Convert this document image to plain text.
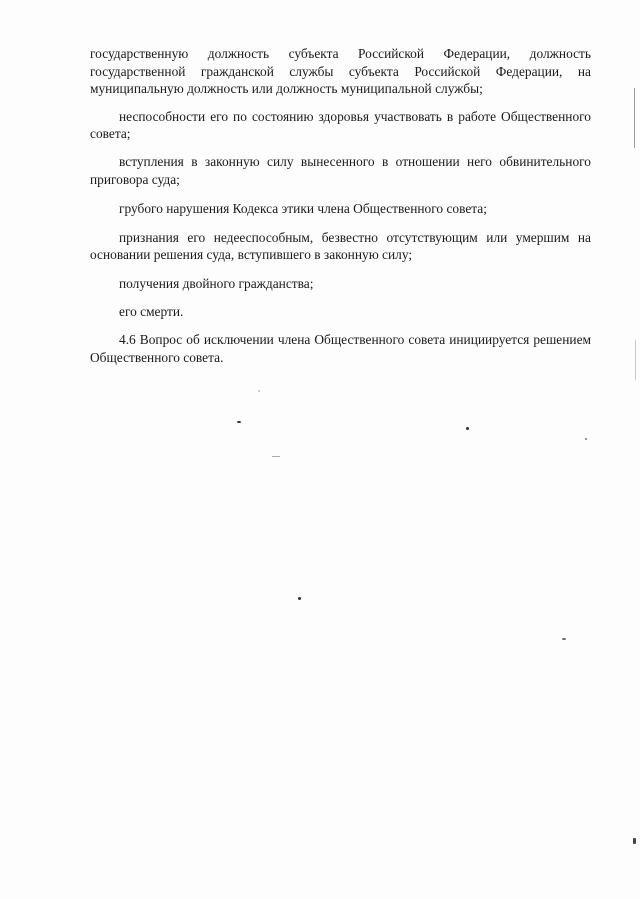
государственную должность субъекта Российской Федерации, должность государственной гражданской службы субъекта Российской Федерации, на муниципальную должность или должность муниципальной службы;

неспособности его по состоянию здоровья участвовать в работе Общественного совета;

вступления в законную силу вынесенного в отношении него обвинительного приговора суда;

грубого нарушения Кодекса этики члена Общественного совета;

признания его недееспособным, безвестно отсутствующим или умершим на основании решения суда, вступившего в законную силу;

получения двойного гражданства;

его смерти.

4.6 Вопрос об исключении члена Общественного совета инициируется решением Общественного совета.
